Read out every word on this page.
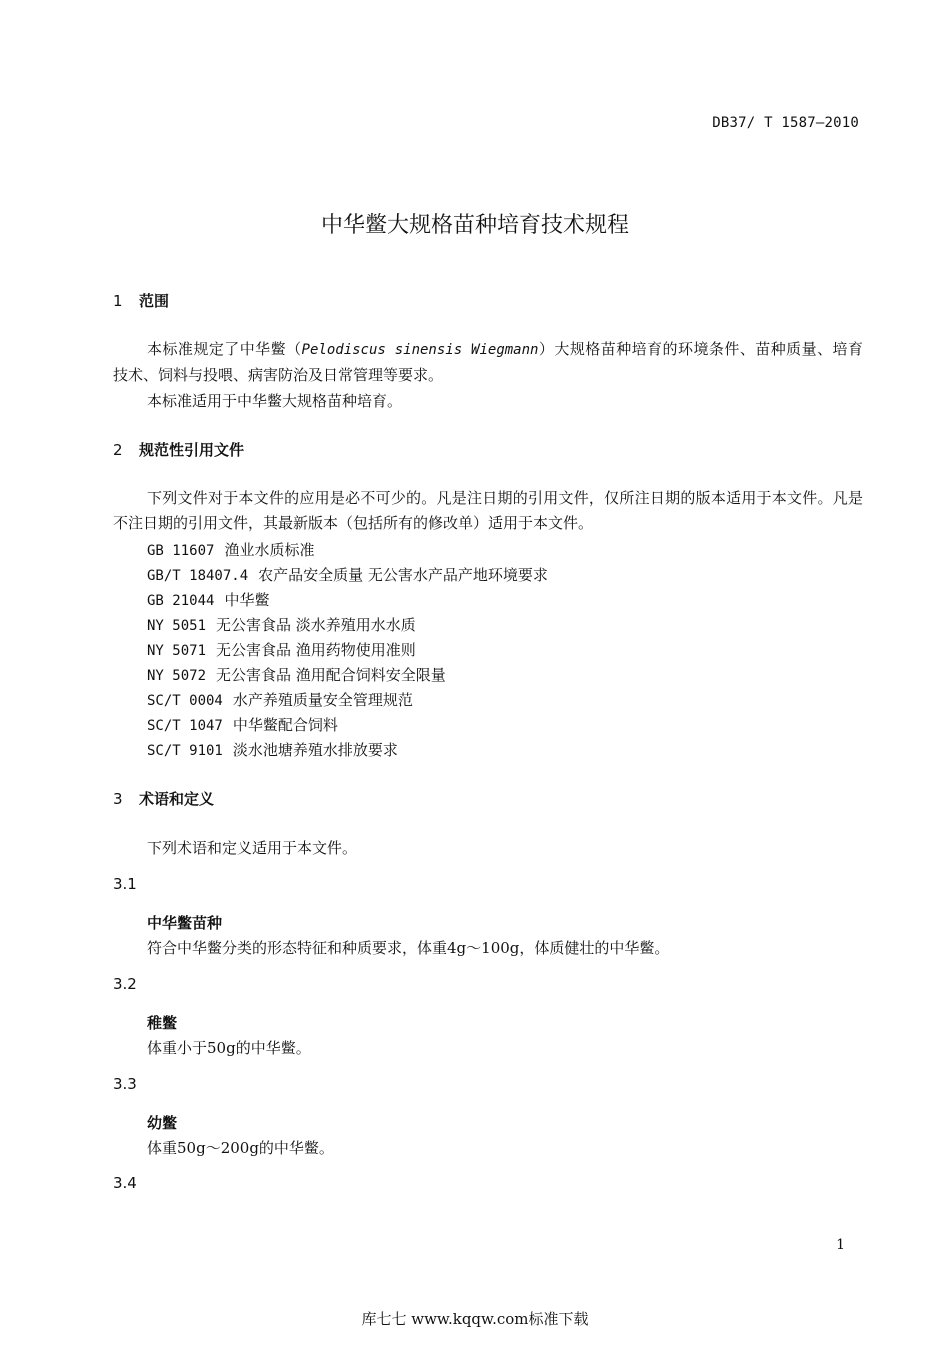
DB37/ T 1587—2010
中华鳖大规格苗种培育技术规程
1 范围
本标准规定了中华鳖（Pelodiscus sinensis Wiegmann）大规格苗种培育的环境条件、苗种质量、培育技术、饲料与投喂、病害防治及日常管理等要求。
本标准适用于中华鳖大规格苗种培育。
2 规范性引用文件
下列文件对于本文件的应用是必不可少的。凡是注日期的引用文件，仅所注日期的版本适用于本文件。凡是不注日期的引用文件，其最新版本（包括所有的修改单）适用于本文件。
GB 11607 渔业水质标准
GB/T 18407.4 农产品安全质量 无公害水产品产地环境要求
GB 21044 中华鳖
NY 5051 无公害食品 淡水养殖用水水质
NY 5071 无公害食品 渔用药物使用准则
NY 5072 无公害食品 渔用配合饲料安全限量
SC/T 0004 水产养殖质量安全管理规范
SC/T 1047 中华鳖配合饲料
SC/T 9101 淡水池塘养殖水排放要求
3 术语和定义
下列术语和定义适用于本文件。
3.1
中华鳖苗种
符合中华鳖分类的形态特征和种质要求，体重4g～100g，体质健壮的中华鳖。
3.2
稚鳖
体重小于50g的中华鳖。
3.3
幼鳖
体重50g～200g的中华鳖。
3.4
1
库七七 www.kqqw.com标准下载
